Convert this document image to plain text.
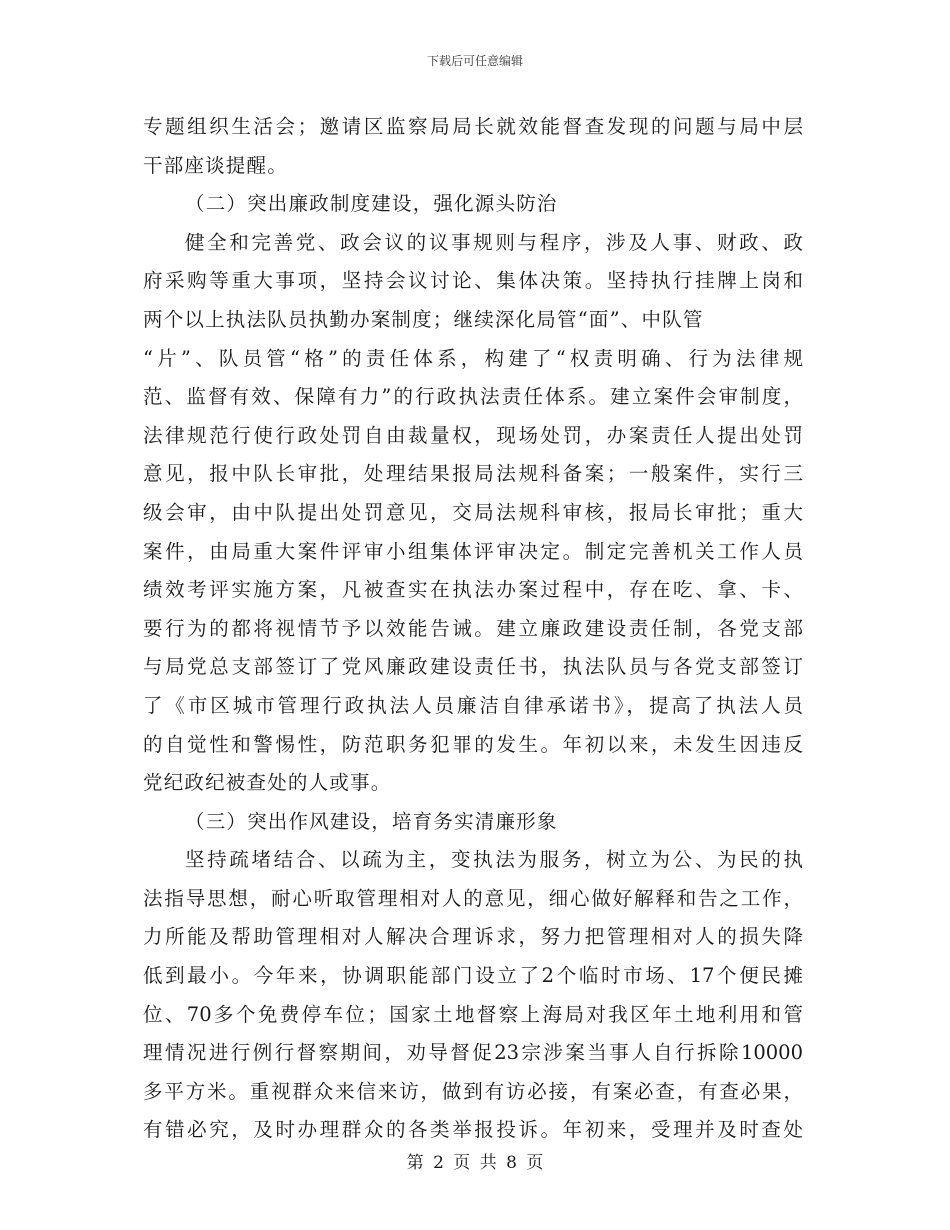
下载后可任意编辑
专题组织生活会；邀请区监察局局长就效能督查发现的问题与局中层
干部座谈提醒。
（二）突出廉政制度建设，强化源头防治
健全和完善党、政会议的议事规则与程序，涉及人事、财政、政
府采购等重大事项，坚持会议讨论、集体决策。坚持执行挂牌上岗和
两个以上执法队员执勤办案制度；继续深化局管“面”、中队管
“片”、队员管“格”的责任体系，构建了“权责明确、行为法律规
范、监督有效、保障有力”的行政执法责任体系。建立案件会审制度，
法律规范行使行政处罚自由裁量权，现场处罚，办案责任人提出处罚
意见，报中队长审批，处理结果报局法规科备案；一般案件，实行三
级会审，由中队提出处罚意见，交局法规科审核，报局长审批；重大
案件，由局重大案件评审小组集体评审决定。制定完善机关工作人员
绩效考评实施方案，凡被查实在执法办案过程中，存在吃、拿、卡、
要行为的都将视情节予以效能告诫。建立廉政建设责任制，各党支部
与局党总支部签订了党风廉政建设责任书，执法队员与各党支部签订
了《市区城市管理行政执法人员廉洁自律承诺书》，提高了执法人员
的自觉性和警惕性，防范职务犯罪的发生。年初以来，未发生因违反
党纪政纪被查处的人或事。
（三）突出作风建设，培育务实清廉形象
坚持疏堵结合、以疏为主，变执法为服务，树立为公、为民的执
法指导思想，耐心听取管理相对人的意见，细心做好解释和告之工作，
力所能及帮助管理相对人解决合理诉求，努力把管理相对人的损失降
低到最小。今年来，协调职能部门设立了2个临时市场、17个便民摊
位、70多个免费停车位；国家土地督察上海局对我区年土地利用和管
理情况进行例行督察期间，劝导督促23宗涉案当事人自行拆除10000
多平方米。重视群众来信来访，做到有访必接，有案必查，有查必果，
有错必究，及时办理群众的各类举报投诉。年初来，受理并及时查处
第 2 页 共 8 页
